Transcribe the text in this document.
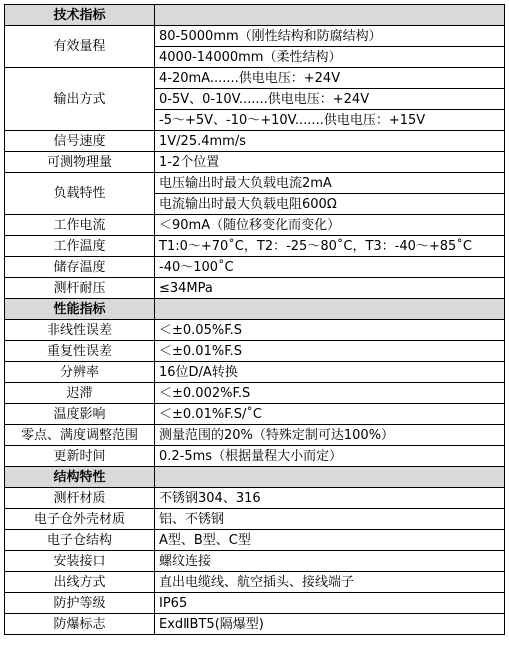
技术指标	
有效量程	80-5000mm（刚性结构和防腐结构）
	4000-14000mm（柔性结构）
输出方式	4-20mA.......供电电压：+24V
	0-5V、0-10V.......供电电压：+24V
	-5～+5V、-10～+10V.......供电电压：+15V
信号速度	1V/25.4mm/s
可测物理量	1-2个位置
负载特性	电压输出时最大负载电流2mA
	电流输出时最大负载电阻600Ω
工作电流	＜90mA（随位移变化而变化）
工作温度	T1:0～+70˚C，T2：-25～80˚C，T3：-40～+85˚C
储存温度	-40～100˚C
测杆耐压	≤34MPa
性能指标	
非线性误差	＜±0.05%F.S
重复性误差	＜±0.01%F.S
分辨率	16位D/A转换
迟滞	＜±0.002%F.S
温度影响	＜±0.01%F.S/˚C
零点、满度调整范围	测量范围的20%（特殊定制可达100%）
更新时间	0.2-5ms（根据量程大小而定）
结构特性	
测杆材质	不锈钢304、316
电子仓外壳材质	铝、不锈钢
电子仓结构	A型、B型、C型
安装接口	螺纹连接
出线方式	直出电缆线、航空插头、接线端子
防护等级	IP65
防爆标志	ExdⅡBT5(隔爆型)
